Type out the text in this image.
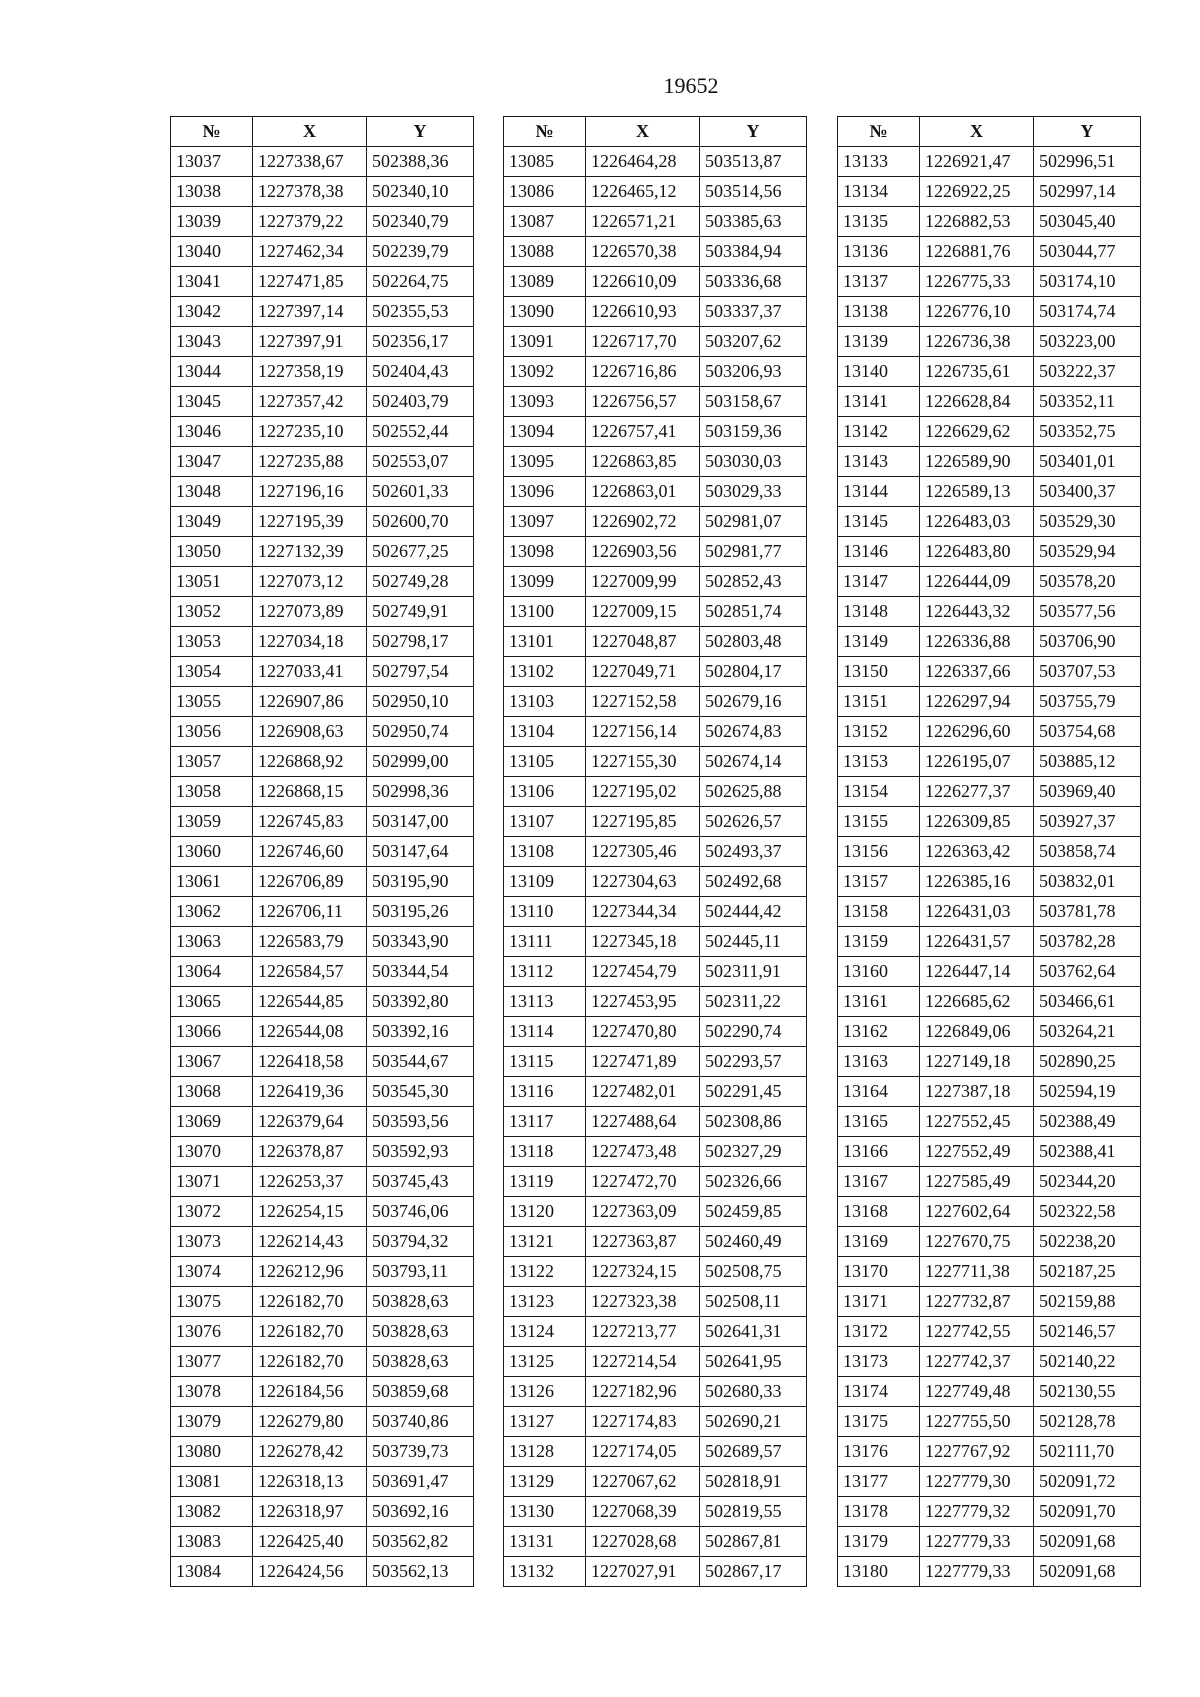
19652
№	X	Y
13037	1227338,67	502388,36
13038	1227378,38	502340,10
13039	1227379,22	502340,79
13040	1227462,34	502239,79
13041	1227471,85	502264,75
13042	1227397,14	502355,53
13043	1227397,91	502356,17
13044	1227358,19	502404,43
13045	1227357,42	502403,79
13046	1227235,10	502552,44
13047	1227235,88	502553,07
13048	1227196,16	502601,33
13049	1227195,39	502600,70
13050	1227132,39	502677,25
13051	1227073,12	502749,28
13052	1227073,89	502749,91
13053	1227034,18	502798,17
13054	1227033,41	502797,54
13055	1226907,86	502950,10
13056	1226908,63	502950,74
13057	1226868,92	502999,00
13058	1226868,15	502998,36
13059	1226745,83	503147,00
13060	1226746,60	503147,64
13061	1226706,89	503195,90
13062	1226706,11	503195,26
13063	1226583,79	503343,90
13064	1226584,57	503344,54
13065	1226544,85	503392,80
13066	1226544,08	503392,16
13067	1226418,58	503544,67
13068	1226419,36	503545,30
13069	1226379,64	503593,56
13070	1226378,87	503592,93
13071	1226253,37	503745,43
13072	1226254,15	503746,06
13073	1226214,43	503794,32
13074	1226212,96	503793,11
13075	1226182,70	503828,63
13076	1226182,70	503828,63
13077	1226182,70	503828,63
13078	1226184,56	503859,68
13079	1226279,80	503740,86
13080	1226278,42	503739,73
13081	1226318,13	503691,47
13082	1226318,97	503692,16
13083	1226425,40	503562,82
13084	1226424,56	503562,13
№	X	Y
13085	1226464,28	503513,87
13086	1226465,12	503514,56
13087	1226571,21	503385,63
13088	1226570,38	503384,94
13089	1226610,09	503336,68
13090	1226610,93	503337,37
13091	1226717,70	503207,62
13092	1226716,86	503206,93
13093	1226756,57	503158,67
13094	1226757,41	503159,36
13095	1226863,85	503030,03
13096	1226863,01	503029,33
13097	1226902,72	502981,07
13098	1226903,56	502981,77
13099	1227009,99	502852,43
13100	1227009,15	502851,74
13101	1227048,87	502803,48
13102	1227049,71	502804,17
13103	1227152,58	502679,16
13104	1227156,14	502674,83
13105	1227155,30	502674,14
13106	1227195,02	502625,88
13107	1227195,85	502626,57
13108	1227305,46	502493,37
13109	1227304,63	502492,68
13110	1227344,34	502444,42
13111	1227345,18	502445,11
13112	1227454,79	502311,91
13113	1227453,95	502311,22
13114	1227470,80	502290,74
13115	1227471,89	502293,57
13116	1227482,01	502291,45
13117	1227488,64	502308,86
13118	1227473,48	502327,29
13119	1227472,70	502326,66
13120	1227363,09	502459,85
13121	1227363,87	502460,49
13122	1227324,15	502508,75
13123	1227323,38	502508,11
13124	1227213,77	502641,31
13125	1227214,54	502641,95
13126	1227182,96	502680,33
13127	1227174,83	502690,21
13128	1227174,05	502689,57
13129	1227067,62	502818,91
13130	1227068,39	502819,55
13131	1227028,68	502867,81
13132	1227027,91	502867,17
№	X	Y
13133	1226921,47	502996,51
13134	1226922,25	502997,14
13135	1226882,53	503045,40
13136	1226881,76	503044,77
13137	1226775,33	503174,10
13138	1226776,10	503174,74
13139	1226736,38	503223,00
13140	1226735,61	503222,37
13141	1226628,84	503352,11
13142	1226629,62	503352,75
13143	1226589,90	503401,01
13144	1226589,13	503400,37
13145	1226483,03	503529,30
13146	1226483,80	503529,94
13147	1226444,09	503578,20
13148	1226443,32	503577,56
13149	1226336,88	503706,90
13150	1226337,66	503707,53
13151	1226297,94	503755,79
13152	1226296,60	503754,68
13153	1226195,07	503885,12
13154	1226277,37	503969,40
13155	1226309,85	503927,37
13156	1226363,42	503858,74
13157	1226385,16	503832,01
13158	1226431,03	503781,78
13159	1226431,57	503782,28
13160	1226447,14	503762,64
13161	1226685,62	503466,61
13162	1226849,06	503264,21
13163	1227149,18	502890,25
13164	1227387,18	502594,19
13165	1227552,45	502388,49
13166	1227552,49	502388,41
13167	1227585,49	502344,20
13168	1227602,64	502322,58
13169	1227670,75	502238,20
13170	1227711,38	502187,25
13171	1227732,87	502159,88
13172	1227742,55	502146,57
13173	1227742,37	502140,22
13174	1227749,48	502130,55
13175	1227755,50	502128,78
13176	1227767,92	502111,70
13177	1227779,30	502091,72
13178	1227779,32	502091,70
13179	1227779,33	502091,68
13180	1227779,33	502091,68
